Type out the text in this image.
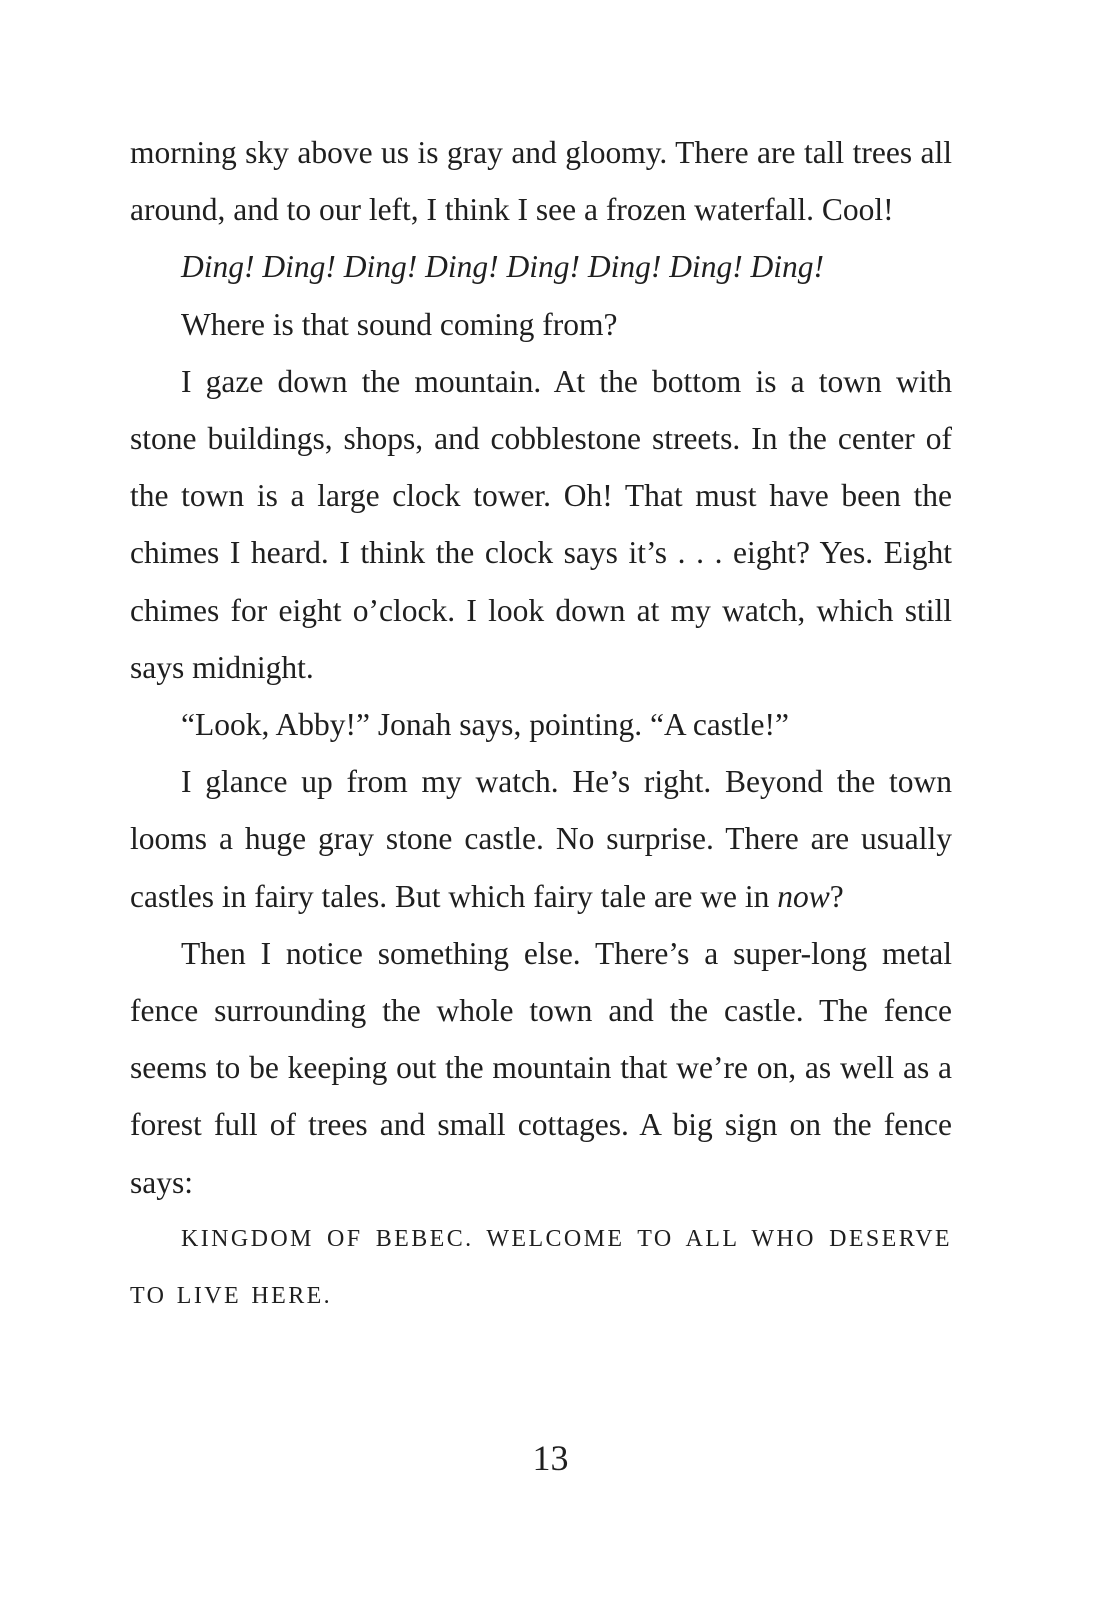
morning sky above us is gray and gloomy. There are tall trees all around, and to our left, I think I see a frozen waterfall. Cool!

Ding! Ding! Ding! Ding! Ding! Ding! Ding! Ding!

Where is that sound coming from?

I gaze down the mountain. At the bottom is a town with stone buildings, shops, and cobblestone streets. In the center of the town is a large clock tower. Oh! That must have been the chimes I heard. I think the clock says it’s . . . eight? Yes. Eight chimes for eight o’clock. I look down at my watch, which still says midnight.

“Look, Abby!” Jonah says, pointing. “A castle!”

I glance up from my watch. He’s right. Beyond the town looms a huge gray stone castle. No surprise. There are usually castles in fairy tales. But which fairy tale are we in now?

Then I notice something else. There’s a super-long metal fence surrounding the whole town and the castle. The fence seems to be keeping out the mountain that we’re on, as well as a forest full of trees and small cottages. A big sign on the fence says:

KINGDOM OF BEBEC. WELCOME TO ALL WHO DESERVE TO LIVE HERE.

13
